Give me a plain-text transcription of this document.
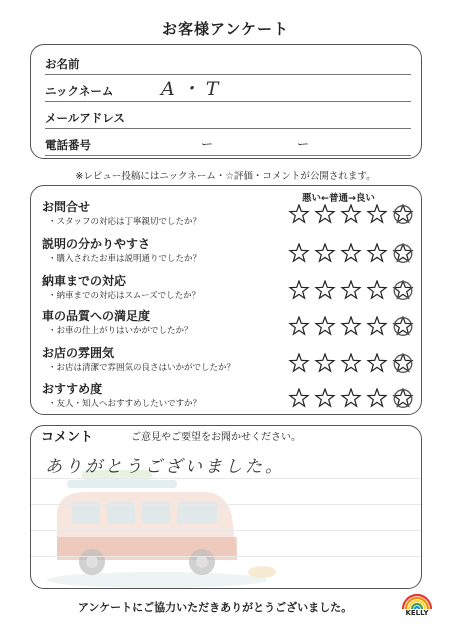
お客様アンケート
お名前
ニックネーム	A・T
メールアドレス
電話番号	ー	ー
※レビュー投稿にはニックネーム・☆評価・コメントが公開されます。
悪い←普通→良い
お問合せ
・スタッフの対応は丁寧親切でしたか？
説明の分かりやすさ
・購入されたお車は説明通りでしたか？
納車までの対応
・納車までの対応はスムーズでしたか？
車の品質への満足度
・お車の仕上がりはいかがでしたか？
お店の雰囲気
・お店は清潔で雰囲気の良さはいかがでしたか？
おすすめ度
・友人・知人へおすすめしたいですか？
コメント	ご意見やご要望をお聞かせください。
ありがとうございました。
アンケートにご協力いただきありがとうございました。	KELLY
